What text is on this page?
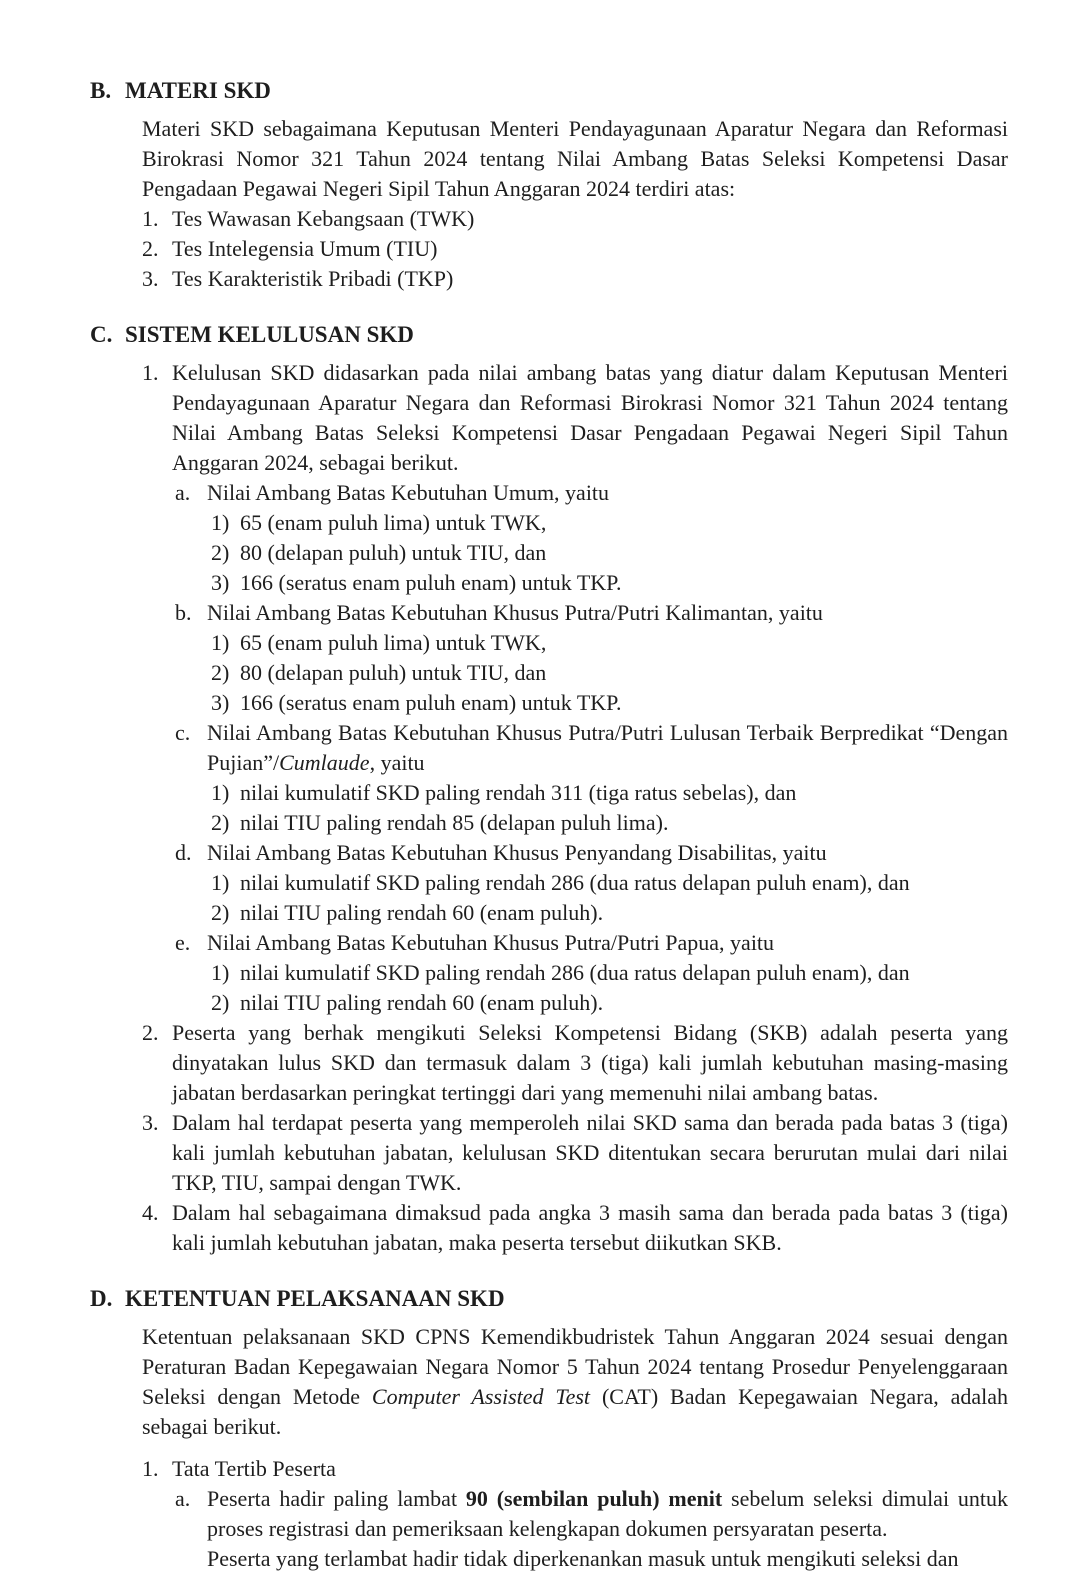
B. MATERI SKD

Materi SKD sebagaimana Keputusan Menteri Pendayagunaan Aparatur Negara dan Reformasi Birokrasi Nomor 321 Tahun 2024 tentang Nilai Ambang Batas Seleksi Kompetensi Dasar Pengadaan Pegawai Negeri Sipil Tahun Anggaran 2024 terdiri atas:

1. Tes Wawasan Kebangsaan (TWK)
2. Tes Intelegensia Umum (TIU)
3. Tes Karakteristik Pribadi (TKP)
C. SISTEM KELULUSAN SKD
1. Kelulusan SKD didasarkan pada nilai ambang batas yang diatur dalam Keputusan Menteri Pendayagunaan Aparatur Negara dan Reformasi Birokrasi Nomor 321 Tahun 2024 tentang Nilai Ambang Batas Seleksi Kompetensi Dasar Pengadaan Pegawai Negeri Sipil Tahun Anggaran 2024, sebagai berikut.

a. Nilai Ambang Batas Kebutuhan Umum, yaitu

1) 65 (enam puluh lima) untuk TWK,
2) 80 (delapan puluh) untuk TIU, dan
3) 166 (seratus enam puluh enam) untuk TKP.
b. Nilai Ambang Batas Kebutuhan Khusus Putra/Putri Kalimantan, yaitu

1) 65 (enam puluh lima) untuk TWK,
2) 80 (delapan puluh) untuk TIU, dan
3) 166 (seratus enam puluh enam) untuk TKP.
c. Nilai Ambang Batas Kebutuhan Khusus Putra/Putri Lulusan Terbaik Berpredikat “Dengan Pujian”/Cumlaude, yaitu

1) nilai kumulatif SKD paling rendah 311 (tiga ratus sebelas), dan
2) nilai TIU paling rendah 85 (delapan puluh lima).
d. Nilai Ambang Batas Kebutuhan Khusus Penyandang Disabilitas, yaitu

1) nilai kumulatif SKD paling rendah 286 (dua ratus delapan puluh enam), dan
2) nilai TIU paling rendah 60 (enam puluh).
e. Nilai Ambang Batas Kebutuhan Khusus Putra/Putri Papua, yaitu

1) nilai kumulatif SKD paling rendah 286 (dua ratus delapan puluh enam), dan
2) nilai TIU paling rendah 60 (enam puluh).
2. Peserta yang berhak mengikuti Seleksi Kompetensi Bidang (SKB) adalah peserta yang dinyatakan lulus SKD dan termasuk dalam 3 (tiga) kali jumlah kebutuhan masing-masing jabatan berdasarkan peringkat tertinggi dari yang memenuhi nilai ambang batas.
3. Dalam hal terdapat peserta yang memperoleh nilai SKD sama dan berada pada batas 3 (tiga) kali jumlah kebutuhan jabatan, kelulusan SKD ditentukan secara berurutan mulai dari nilai TKP, TIU, sampai dengan TWK.
4. Dalam hal sebagaimana dimaksud pada angka 3 masih sama dan berada pada batas 3 (tiga) kali jumlah kebutuhan jabatan, maka peserta tersebut diikutkan SKB.
D. KETENTUAN PELAKSANAAN SKD

Ketentuan pelaksanaan SKD CPNS Kemendikbudristek Tahun Anggaran 2024 sesuai dengan Peraturan Badan Kepegawaian Negara Nomor 5 Tahun 2024 tentang Prosedur Penyelenggaraan Seleksi dengan Metode Computer Assisted Test (CAT) Badan Kepegawaian Negara, adalah sebagai berikut.

1. Tata Tertib Peserta

a. Peserta hadir paling lambat 90 (sembilan puluh) menit sebelum seleksi dimulai untuk proses registrasi dan pemeriksaan kelengkapan dokumen persyaratan peserta.

Peserta yang terlambat hadir tidak diperkenankan masuk untuk mengikuti seleksi dan
